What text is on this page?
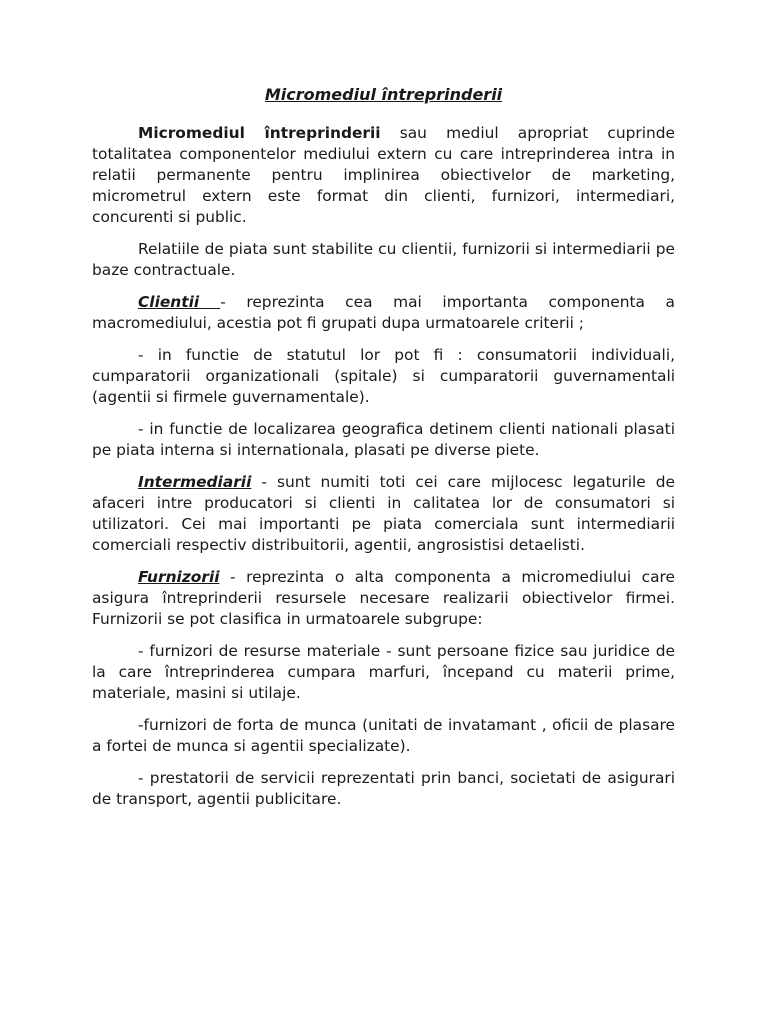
Micromediul întreprinderii

Micromediul întreprinderii sau mediul apropriat cuprinde totalitatea componentelor mediului extern cu care intreprinderea intra in relatii permanente pentru implinirea obiectivelor de marketing, micrometrul extern este format din clienti, furnizori, intermediari, concurenti si public.

Relatiile de piata sunt stabilite cu clientii, furnizorii si intermediarii pe baze contractuale.

Clientii - reprezinta cea mai importanta componenta a macromediului, acestia pot fi grupati dupa urmatoarele criterii ;

- in functie de statutul lor pot fi : consumatorii individuali, cumparatorii organizationali (spitale) si cumparatorii guvernamentali (agentii si firmele guvernamentale).

- in functie de localizarea geografica detinem clienti nationali plasati pe piata interna si internationala, plasati pe diverse piete.

Intermediarii - sunt numiti toti cei care mijlocesc legaturile de afaceri intre producatori si clienti in calitatea lor de consumatori si utilizatori. Cei mai importanti pe piata comerciala sunt intermediarii comerciali respectiv distribuitorii, agentii, angrosistisi detaelisti.

Furnizorii - reprezinta o alta componenta a micromediului care asigura întreprinderii resursele necesare realizarii obiectivelor firmei. Furnizorii se pot clasifica in urmatoarele subgrupe:

- furnizori de resurse materiale - sunt persoane fizice sau juridice de la care întreprinderea cumpara marfuri, începand cu materii prime, materiale, masini si utilaje.

-furnizori de forta de munca (unitati de invatamant , oficii de plasare a fortei de munca si agentii specializate).

- prestatorii de servicii reprezentati prin banci, societati de asigurari de transport, agentii publicitare.
